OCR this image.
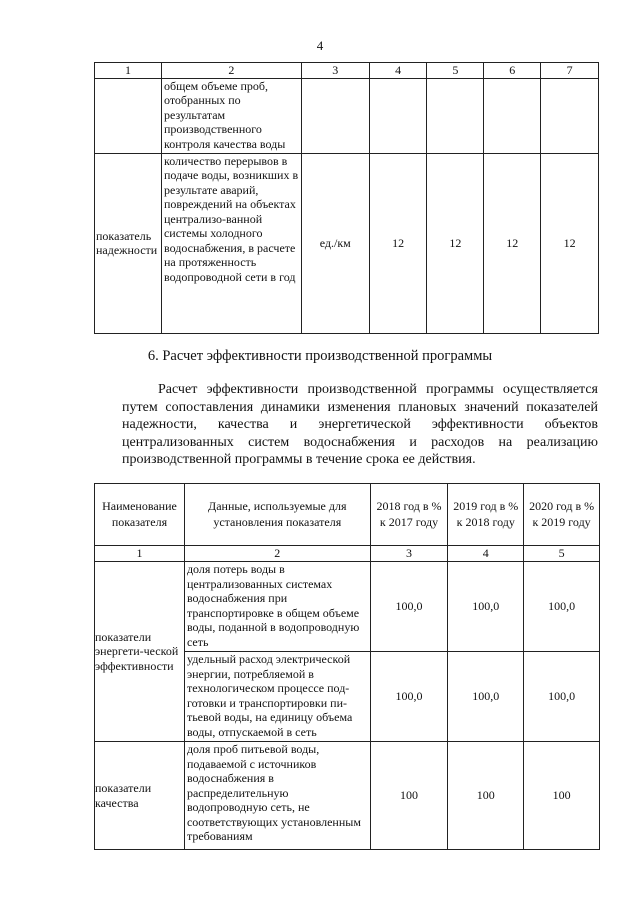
4
1	2	3	4	5	6	7
	общем объеме проб, отобранных по результатам производственного контроля качества воды					
показатель надежности	количество перерывов в подаче воды, возникших в результате аварий, повреждений на объектах централизо-ванной системы холодного водоснабжения, в расчете на протяженность водопроводной сети в год	ед./км	12	12	12	12
6. Расчет эффективности производственной программы
Расчет эффективности производственной программы осуществляется путем сопоставления динамики изменения плановых значений показателей надежности, качества и энергетической эффективности объектов централизованных систем водоснабжения и расходов на реализацию производственной программы в течение срока ее действия.
Наименование показателя	Данные, используемые для установления показателя	2018 год в % к 2017 году	2019 год в % к 2018 году	2020 год в % к 2019 году
1	2	3	4	5
показатели энергети-ческой эффективности	доля потерь воды в централизованных системах водоснабжения при транспортировке в общем объеме воды, поданной в водопроводную сеть	100,0	100,0	100,0
	удельный расход электрической энергии, потребляемой в технологическом процессе под-готовки и транспортировки пи-тьевой воды, на единицу объема воды, отпускаемой в сеть	100,0	100,0	100,0
показатели качества	доля проб питьевой воды, подаваемой с источников водоснабжения в распределительную водопроводную сеть, не соответствующих установленным требованиям	100	100	100
